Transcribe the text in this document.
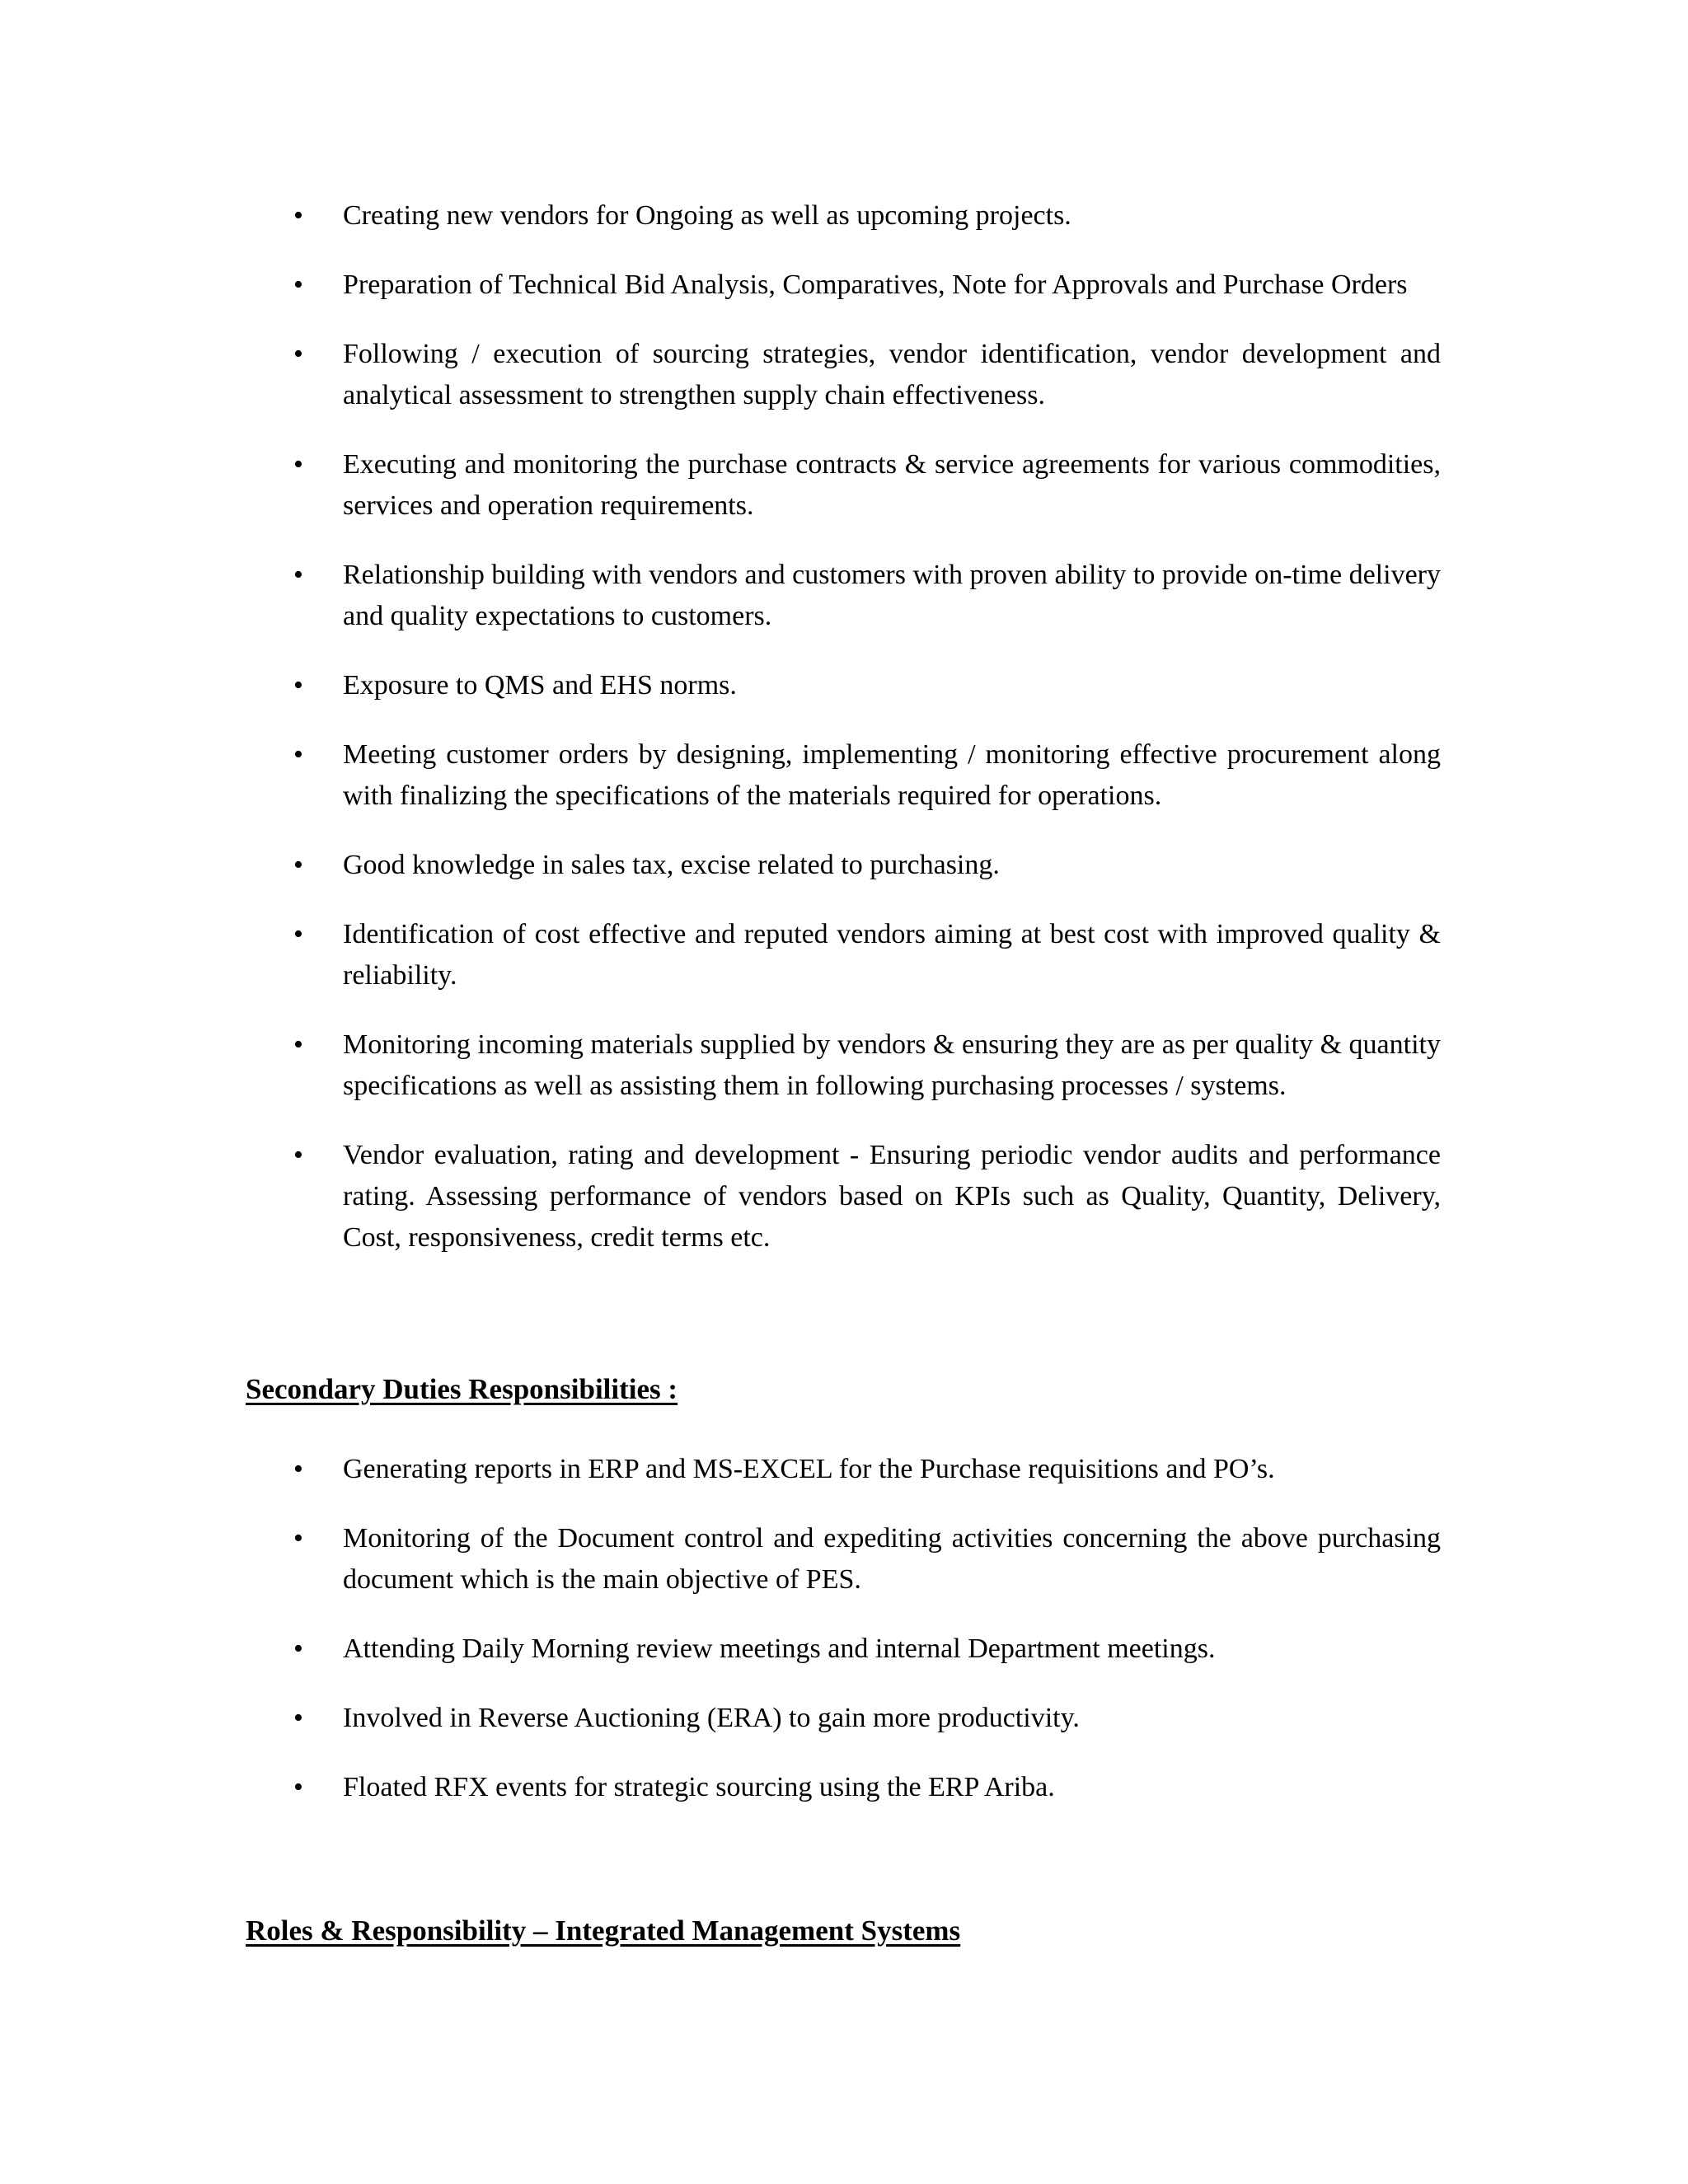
•	Creating new vendors for Ongoing as well as upcoming projects.
•	Preparation of Technical Bid Analysis, Comparatives, Note for Approvals and Purchase Orders
•	Following / execution of sourcing strategies, vendor identification, vendor development and analytical assessment to strengthen supply chain effectiveness.
•	Executing and monitoring the purchase contracts & service agreements for various commodities, services and operation requirements.
•	Relationship building with vendors and customers with proven ability to provide on-time delivery and quality expectations to customers.
•	Exposure to QMS and EHS norms.
•	Meeting customer orders by designing, implementing / monitoring effective procurement along with finalizing the specifications of the materials required for operations.
•	Good knowledge in sales tax, excise related to purchasing.
•	Identification of cost effective and reputed vendors aiming at best cost with improved quality & reliability.
•	Monitoring incoming materials supplied by vendors & ensuring they are as per quality & quantity specifications as well as assisting them in following purchasing processes / systems.
•	Vendor evaluation, rating and development - Ensuring periodic vendor audits and performance rating. Assessing performance of vendors based on KPIs such as Quality, Quantity, Delivery, Cost, responsiveness, credit terms etc.
Secondary Duties Responsibilities :
•	Generating reports in ERP and MS-EXCEL for the Purchase requisitions and PO’s.
•	Monitoring of the Document control and expediting activities concerning the above purchasing document which is the main objective of PES.
•	Attending Daily Morning review meetings and internal Department meetings.
•	Involved in Reverse Auctioning (ERA) to gain more productivity.
•	Floated RFX events for strategic sourcing using the ERP Ariba.
Roles & Responsibility – Integrated Management Systems
